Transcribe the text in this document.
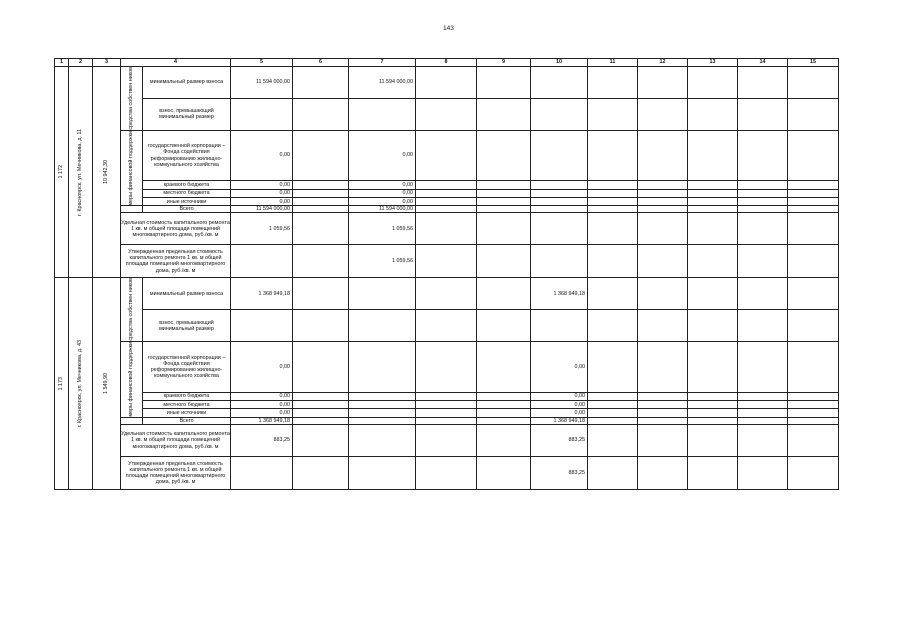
143
1	2	3	4		5	6	7	8	9	10	11	12	13	14	15

1 172	г. Красноярск, ул. Мечникова, д. 11	10 942,30	средства собствен ников	минимальный размер взноса	11 594 000,00		11 594 000,00								
				взнос, превышающий минимальный размер											

			меры финансовой поддержки	государственной корпорации – Фонда содействия реформированию жилищно-коммунального хозяйства	0,00		0,00								
				краевого бюджета	0,00		0,00								
				местного бюджета	0,00		0,00								
				иные источники	0,00		0,00								
				Всего	11 594 000,00		11 594 000,00								
			Удельная стоимость капитального ремонта 1 кв. м общей площади помещений многоквартирного дома, руб./кв. м		1 059,56		1 059,56								
			Утвержденная предельная стоимость капитального ремонта 1 кв. м общей площади помещений многоквартирного дома, руб./кв. м				1 059,56								

1 173	г. Красноярск, ул. Мечникова, д. 43	1 549,90	средства собствен ников	минимальный размер взноса	1 368 949,18					1 368 949,18					
				взнос, превышающий минимальный размер											

			меры финансовой поддержки	государственной корпорации – Фонда содействия реформированию жилищно-коммунального хозяйства	0,00					0,00					
				краевого бюджета	0,00					0,00					
				местного бюджета	0,00					0,00					
				иные источники	0,00					0,00					
				Всего	1 368 949,18					1 368 949,18					
			Удельная стоимость капитального ремонта 1 кв. м общей площади помещений многоквартирного дома, руб./кв. м		883,25					883,25					
			Утвержденная предельная стоимость капитального ремонта 1 кв. м общей площади помещений многоквартирного дома, руб./кв. м							883,25					
